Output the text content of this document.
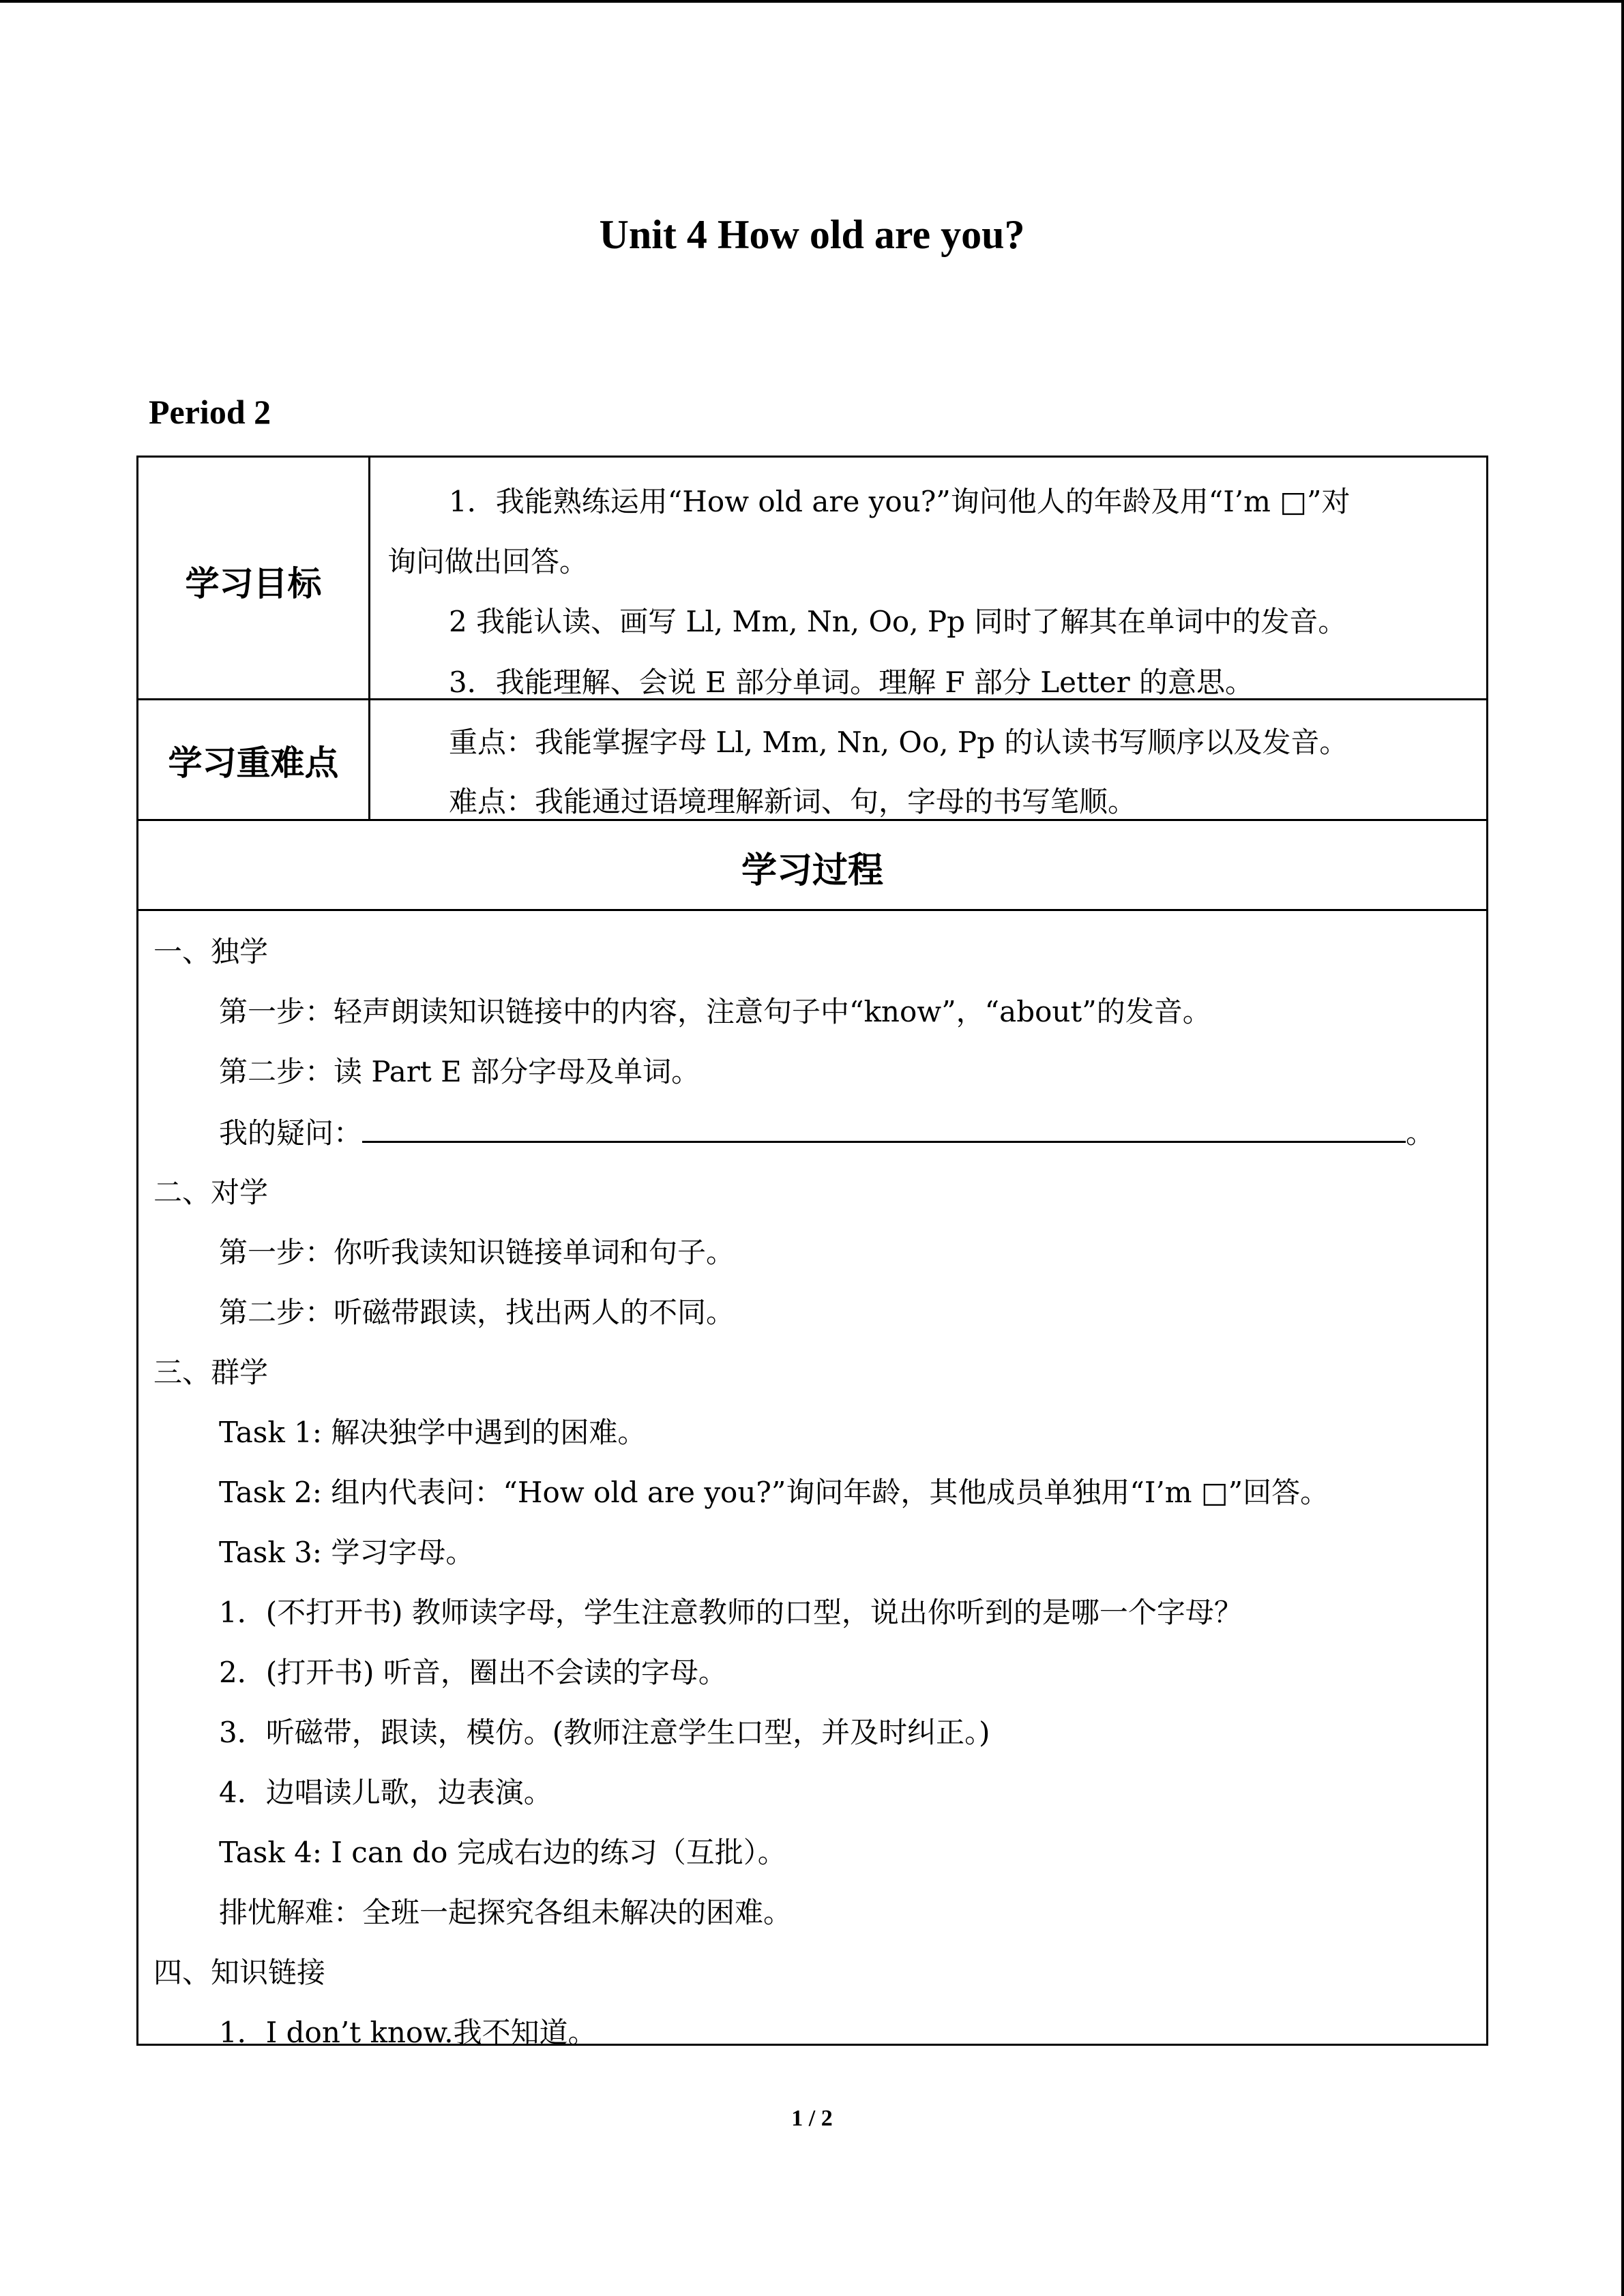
Unit 4 How old are you?
Period 2
学习目标
1．我能熟练运用“How old are you?”询问他人的年龄及用“I’m □”对
询问做出回答。
2 我能认读、画写 Ll, Mm, Nn, Oo, Pp 同时了解其在单词中的发音。
3．我能理解、会说 E 部分单词。理解 F 部分 Letter 的意思。
学习重难点
重点：我能掌握字母 Ll, Mm, Nn, Oo, Pp 的认读书写顺序以及发音。
难点：我能通过语境理解新词、句，字母的书写笔顺。
学习过程
一、独学
第一步：轻声朗读知识链接中的内容，注意句子中“know”，“about”的发音。
第二步：读 Part E 部分字母及单词。
我的疑问：	。
二、对学
第一步：你听我读知识链接单词和句子。
第二步：听磁带跟读，找出两人的不同。
三、群学
Task 1: 解决独学中遇到的困难。
Task 2: 组内代表问：“How old are you?”询问年龄，其他成员单独用“I’m □”回答。
Task 3: 学习字母。
1．(不打开书) 教师读字母，学生注意教师的口型，说出你听到的是哪一个字母？
2．(打开书) 听音，圈出不会读的字母。
3．听磁带，跟读，模仿。(教师注意学生口型，并及时纠正。)
4．边唱读儿歌，边表演。
Task 4: I can do 完成右边的练习（互批）。
排忧解难：全班一起探究各组未解决的困难。
四、知识链接
1．I don’t know.我不知道。
1 / 2
